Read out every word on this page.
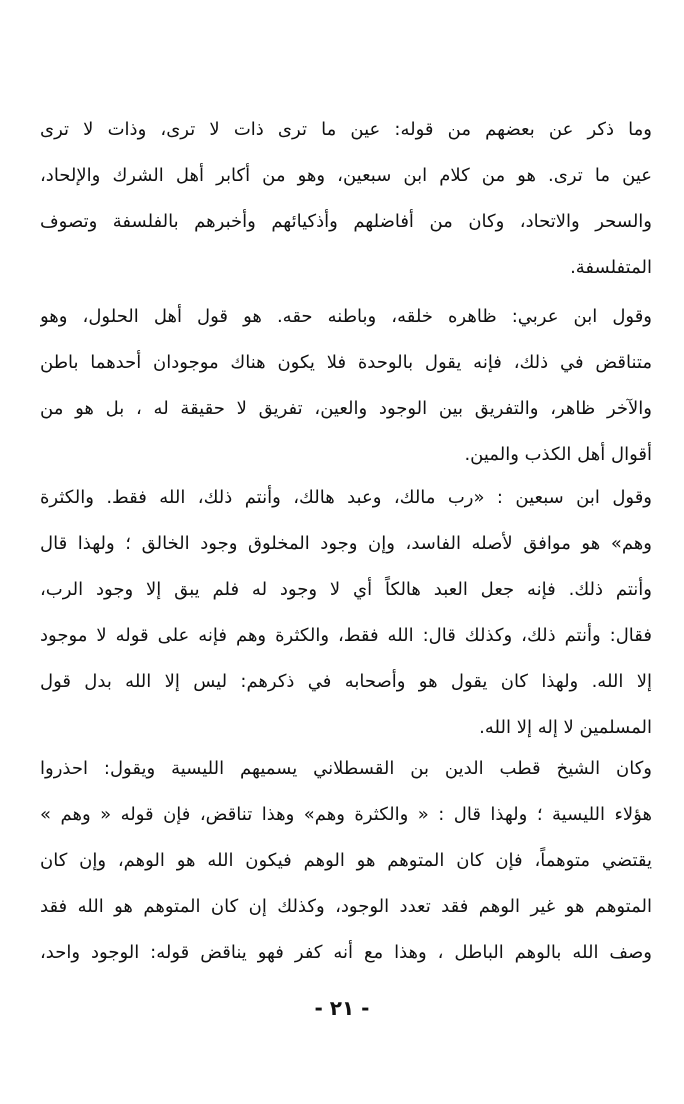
وما ذكر عن بعضهم من قوله: عين ما ترى ذات لا ترى، وذات لا ترى
عين ما ترى. هو من كلام ابن سبعين، وهو من أكابر أهل الشرك والإلحاد،
والسحر والاتحاد، وكان من أفاضلهم وأذكيائهم وأخبرهم بالفلسفة وتصوف
المتفلسفة.
وقول ابن عربي: ظاهره خلقه، وباطنه حقه. هو قول أهل الحلول، وهو
متناقض في ذلك، فإنه يقول بالوحدة فلا يكون هناك موجودان أحدهما باطن
والآخر ظاهر، والتفريق بين الوجود والعين، تفريق لا حقيقة له ، بل هو من
أقوال أهل الكذب والمين.
وقول ابن سبعين : «رب مالك، وعبد هالك، وأنتم ذلك، الله فقط. والكثرة
وهم» هو موافق لأصله الفاسد، وإن وجود المخلوق وجود الخالق ؛ ولهذا قال
وأنتم ذلك. فإنه جعل العبد هالكاً أي لا وجود له فلم يبق إلا وجود الرب،
فقال: وأنتم ذلك، وكذلك قال: الله فقط، والكثرة وهم فإنه على قوله لا موجود
إلا الله. ولهذا كان يقول هو وأصحابه في ذكرهم: ليس إلا الله بدل قول
المسلمين لا إله إلا الله.
وكان الشيخ قطب الدين بن القسطلاني يسميهم الليسية ويقول: احذروا
هؤلاء الليسية ؛ ولهذا قال : « والكثرة وهم» وهذا تناقض، فإن قوله « وهم »
يقتضي متوهماً، فإن كان المتوهم هو الوهم فيكون الله هو الوهم، وإن كان
المتوهم هو غير الوهم فقد تعدد الوجود، وكذلك إن كان المتوهم هو الله فقد
وصف الله بالوهم الباطل ، وهذا مع أنه كفر فهو يناقض قوله: الوجود واحد،
- ٢١ -
